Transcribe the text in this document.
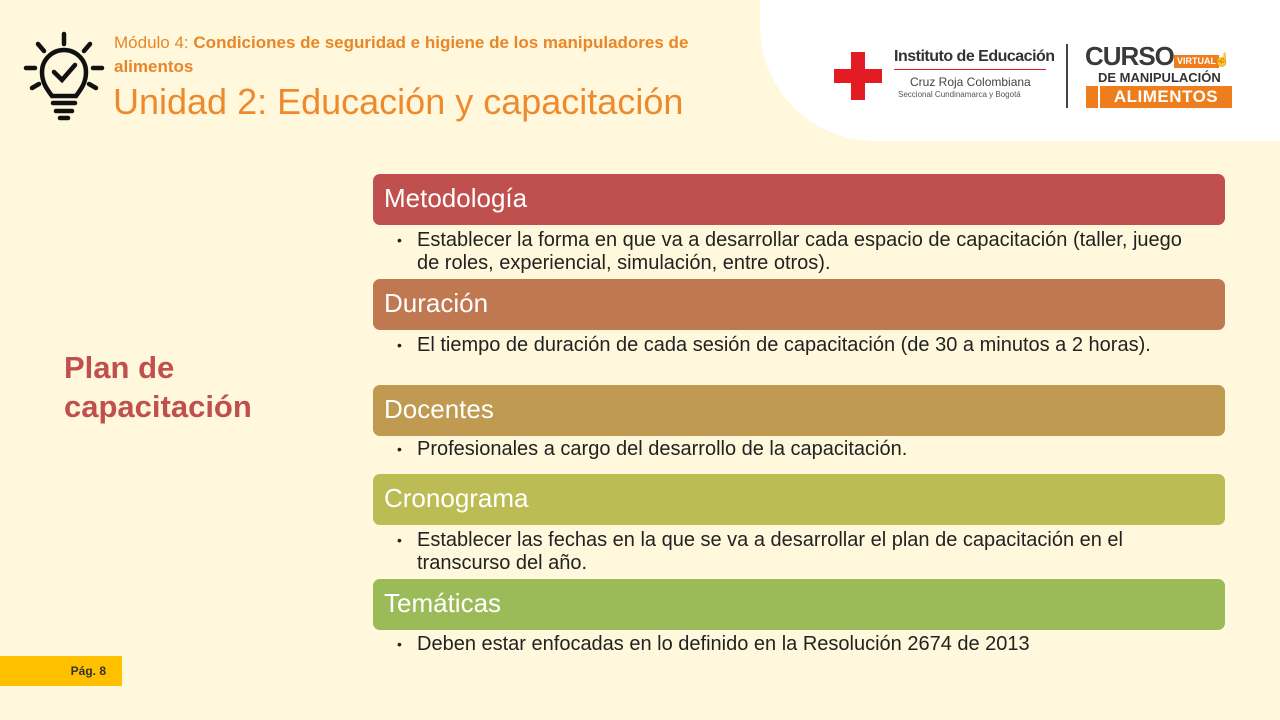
Módulo 4: Condiciones de seguridad e higiene de los manipuladores de alimentos
Unidad 2: Educación y capacitación
Instituto de Educación
Cruz Roja Colombiana
Seccional Cundinamarca y Bogotá
CURSO VIRTUAL
☝
DE MANIPULACIÓN
ALIMENTOS
Plan de capacitación
Metodología
• Establecer la forma en que va a desarrollar cada espacio de capacitación (taller, juego de roles, experiencial, simulación, entre otros).
Duración
• El tiempo de duración de cada sesión de capacitación (de 30 a minutos a 2 horas).
Docentes
• Profesionales a cargo del desarrollo de la capacitación.
Cronograma
• Establecer las fechas en la que se va a desarrollar el plan de capacitación en el transcurso del año.
Temáticas
• Deben estar enfocadas en lo definido en la Resolución 2674 de 2013
Pág. 8
